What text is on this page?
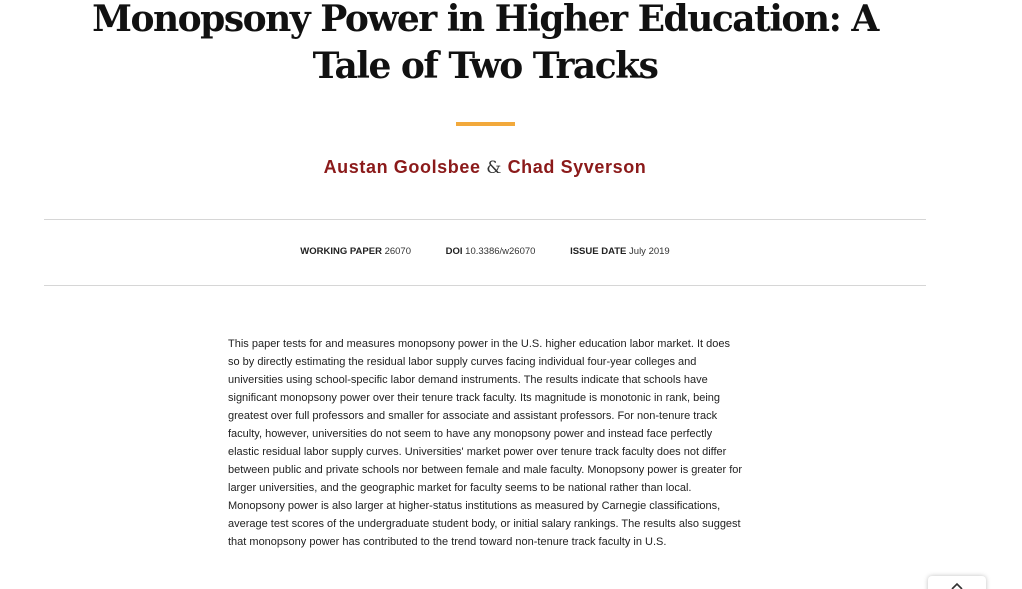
Monopsony Power in Higher Education: A Tale of Two Tracks
Austan Goolsbee & Chad Syverson
WORKING PAPER 26070	DOI 10.3386/w26070	ISSUE DATE July 2019

This paper tests for and measures monopsony power in the U.S. higher education labor market. It does so by directly estimating the residual labor supply curves facing individual four-year colleges and universities using school-specific labor demand instruments. The results indicate that schools have significant monopsony power over their tenure track faculty. Its magnitude is monotonic in rank, being greatest over full professors and smaller for associate and assistant professors. For non-tenure track faculty, however, universities do not seem to have any monopsony power and instead face perfectly elastic residual labor supply curves. Universities' market power over tenure track faculty does not differ between public and private schools nor between female and male faculty. Monopsony power is greater for larger universities, and the geographic market for faculty seems to be national rather than local. Monopsony power is also larger at higher-status institutions as measured by Carnegie classifications, average test scores of the undergraduate student body, or initial salary rankings. The results also suggest that monopsony power has contributed to the trend toward non-tenure track faculty in U.S.
